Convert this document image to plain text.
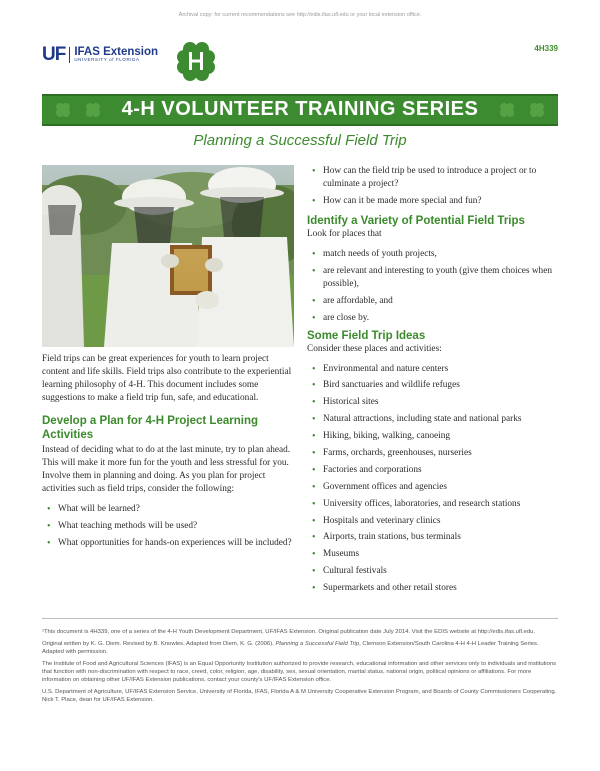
Archival copy: for current recommendations see http://edis.ifas.ufl.edu or your local extension office.
UF IFAS Extension
UNIVERSITY of FLORIDA
4H339
4-H VOLUNTEER TRAINING SERIES
Planning a Successful Field Trip

Field trips can be great experiences for youth to learn project content and life skills. Field trips also contribute to the experiential learning philosophy of 4-H. This document includes some suggestions to make a field trip fun, safe, and educational.

Develop a Plan for 4-H Project Learning Activities

Instead of deciding what to do at the last minute, try to plan ahead. This will make it more fun for the youth and less stressful for you. Involve them in planning and doing. As you plan for project activities such as field trips, consider the following:

• What will be learned?
• What teaching methods will be used?
• What opportunities for hands-on experiences will be included?
• How can the field trip be used to introduce a project or to culminate a project?
• How can it be made more special and fun?
Identify a Variety of Potential Field Trips

Look for places that

• match needs of youth projects,
• are relevant and interesting to youth (give them choices when possible),
• are affordable, and
• are close by.
Some Field Trip Ideas

Consider these places and activities:

• Environmental and nature centers
• Bird sanctuaries and wildlife refuges
• Historical sites
• Natural attractions, including state and national parks
• Hiking, biking, walking, canoeing
• Farms, orchards, greenhouses, nurseries
• Factories and corporations
• Government offices and agencies
• University offices, laboratories, and research stations
• Hospitals and veterinary clinics
• Airports, train stations, bus terminals
• Museums
• Cultural festivals
• Supermarkets and other retail stores

¹This document is 4H339, one of a series of the 4-H Youth Development Department, UF/IFAS Extension. Original publication date July 2014. Visit the EDIS website at http://edis.ifas.ufl.edu.

Original written by K. G. Diem. Revised by B. Knowles. Adapted from Diem, K. G. (2006). Planning a Successful Field Trip, Clemson Extension/South Carolina 4-H 4-H Leader Training Series. Adapted with permission.

The Institute of Food and Agricultural Sciences (IFAS) is an Equal Opportunity Institution authorized to provide research, educational information and other services only to individuals and institutions that function with non-discrimination with respect to race, creed, color, religion, age, disability, sex, sexual orientation, marital status, national origin, political opinions or affiliations. For more information on obtaining other UF/IFAS Extension publications, contact your county's UF/IFAS Extension office.

U.S. Department of Agriculture, UF/IFAS Extension Service, University of Florida, IFAS, Florida A & M University Cooperative Extension Program, and Boards of County Commissioners Cooperating. Nick T. Place, dean for UF/IFAS Extension.
